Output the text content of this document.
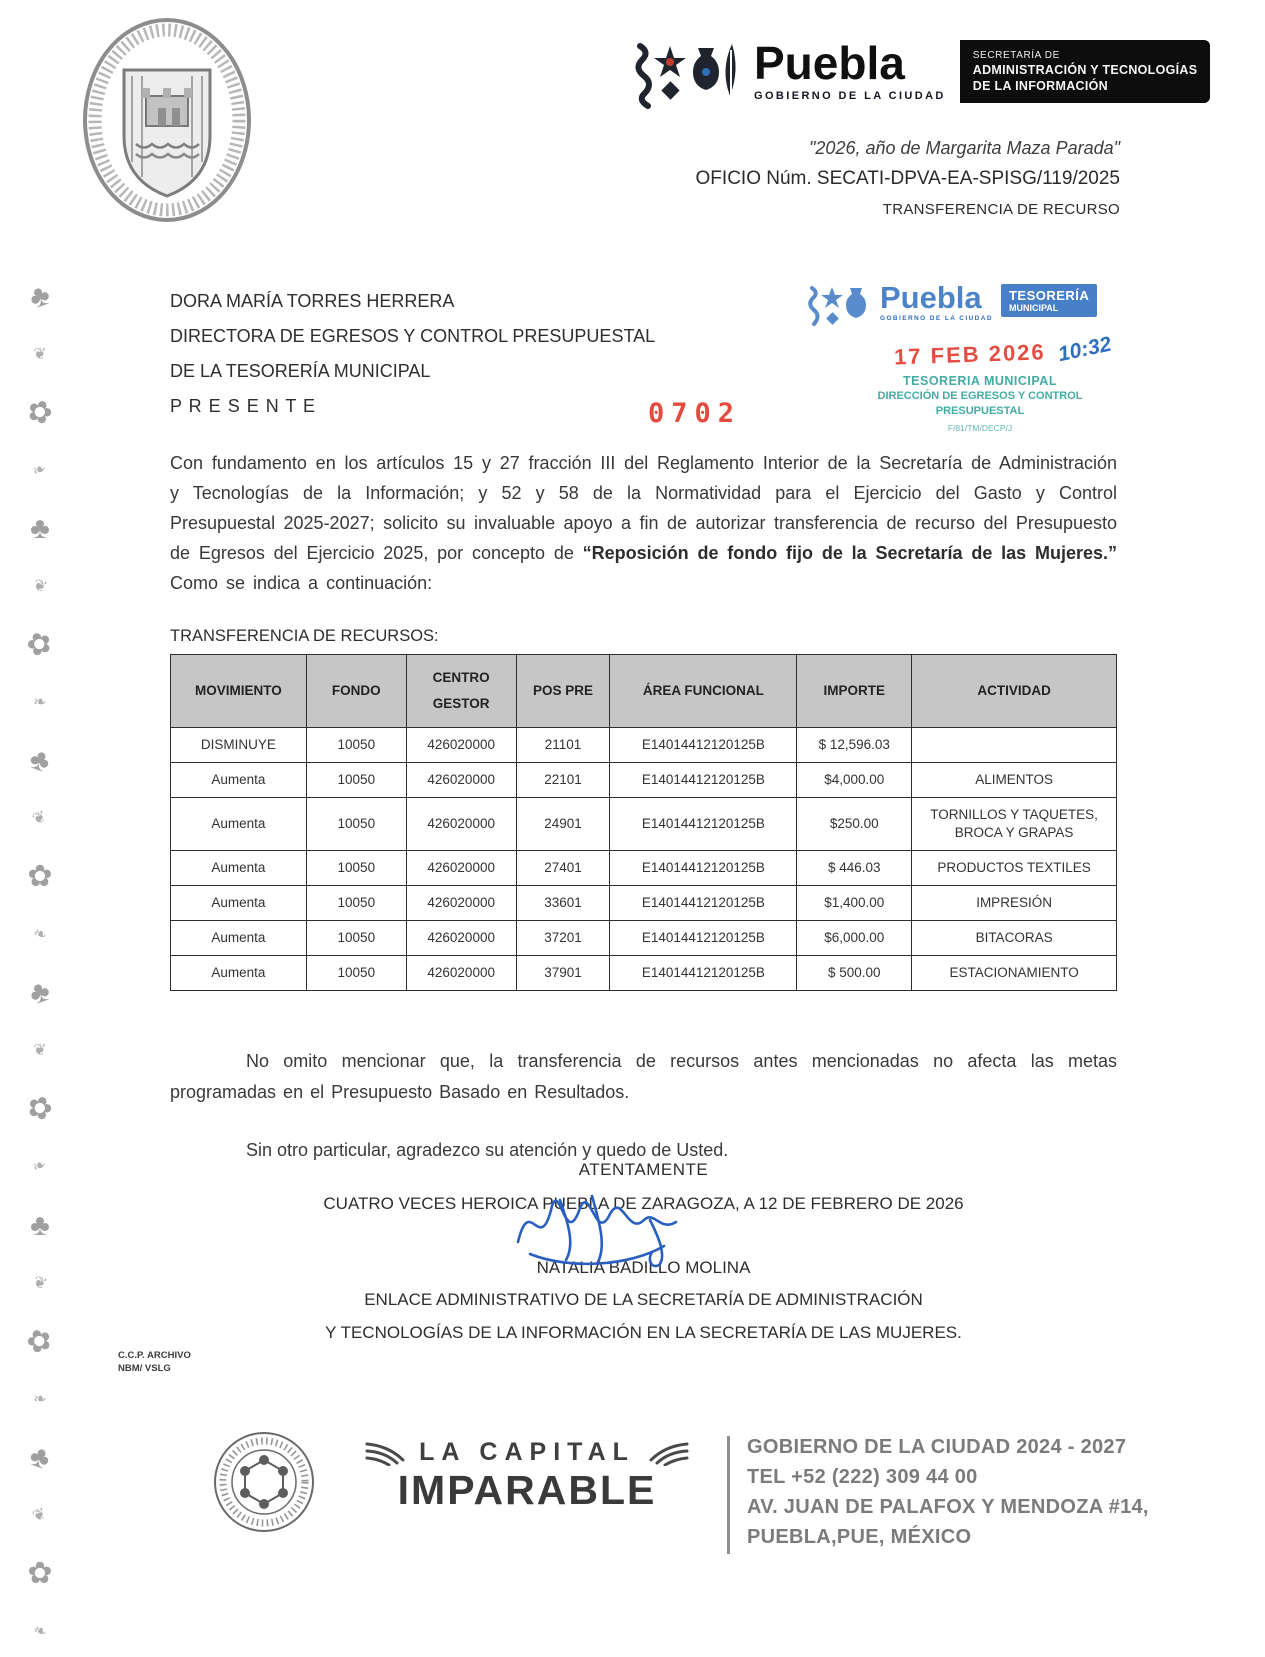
♣
❦
✿
❧
♣
❦
✿
❧
♣
❦
✿
❧
♣
❦
✿
❧
♣
❦
✿
❧
♣
❦
✿
❧
Puebla
GOBIERNO DE LA CIUDAD
SECRETARÍA DE
ADMINISTRACIÓN Y TECNOLOGÍAS
DE LA INFORMACIÓN
"2026, año de Margarita Maza Parada"
OFICIO Núm. SECATI-DPVA-EA-SPISG/119/2025
TRANSFERENCIA DE RECURSO
DORA MARÍA TORRES HERRERA
DIRECTORA DE EGRESOS Y CONTROL PRESUPUESTAL
DE LA TESORERÍA MUNICIPAL
P R E S E N T E	0702
Puebla
GOBIERNO DE LA CIUDAD
TESORERÍA
MUNICIPAL
17 FEB 2026 10:32
TESORERIA MUNICIPAL
DIRECCIÓN DE EGRESOS Y CONTROL
PRESUPUESTAL
F/81/TM/DECP/J

Con fundamento en los artículos 15 y 27 fracción III del Reglamento Interior de la Secretaría de Administración y Tecnologías de la Información; y 52 y 58 de la Normatividad para el Ejercicio del Gasto y Control Presupuestal 2025-2027; solicito su invaluable apoyo a fin de autorizar transferencia de recurso del Presupuesto de Egresos del Ejercicio 2025, por concepto de “Reposición de fondo fijo de la Secretaría de las Mujeres.” Como se indica a continuación:

TRANSFERENCIA DE RECURSOS:
MOVIMIENTO	FONDO	CENTRO GESTOR	POS PRE	ÁREA FUNCIONAL	IMPORTE	ACTIVIDAD
DISMINUYE	10050	426020000	21101	E14014412120125B	$ 12,596.03	
Aumenta	10050	426020000	22101	E14014412120125B	$4,000.00	ALIMENTOS
Aumenta	10050	426020000	24901	E14014412120125B	$250.00	TORNILLOS Y TAQUETES, BROCA Y GRAPAS
Aumenta	10050	426020000	27401	E14014412120125B	$ 446.03	PRODUCTOS TEXTILES
Aumenta	10050	426020000	33601	E14014412120125B	$1,400.00	IMPRESIÓN
Aumenta	10050	426020000	37201	E14014412120125B	$6,000.00	BITACORAS
Aumenta	10050	426020000	37901	E14014412120125B	$ 500.00	ESTACIONAMIENTO

No omito mencionar que, la transferencia de recursos antes mencionadas no afecta las metas programadas en el Presupuesto Basado en Resultados.

Sin otro particular, agradezco su atención y quedo de Usted.

ATENTAMENTE
CUATRO VECES HEROICA PUEBLA DE ZARAGOZA, A 12 DE FEBRERO DE 2026
NATALIA BADILLO MOLINA
ENLACE ADMINISTRATIVO DE LA SECRETARÍA DE ADMINISTRACIÓN
Y TECNOLOGÍAS DE LA INFORMACIÓN EN LA SECRETARÍA DE LAS MUJERES.
C.C.P. ARCHIVO
NBM/ VSLG
LA CAPITAL
IMPARABLE
GOBIERNO DE LA CIUDAD 2024 - 2027
TEL +52 (222) 309 44 00
AV. JUAN DE PALAFOX Y MENDOZA #14,
PUEBLA,PUE, MÉXICO
